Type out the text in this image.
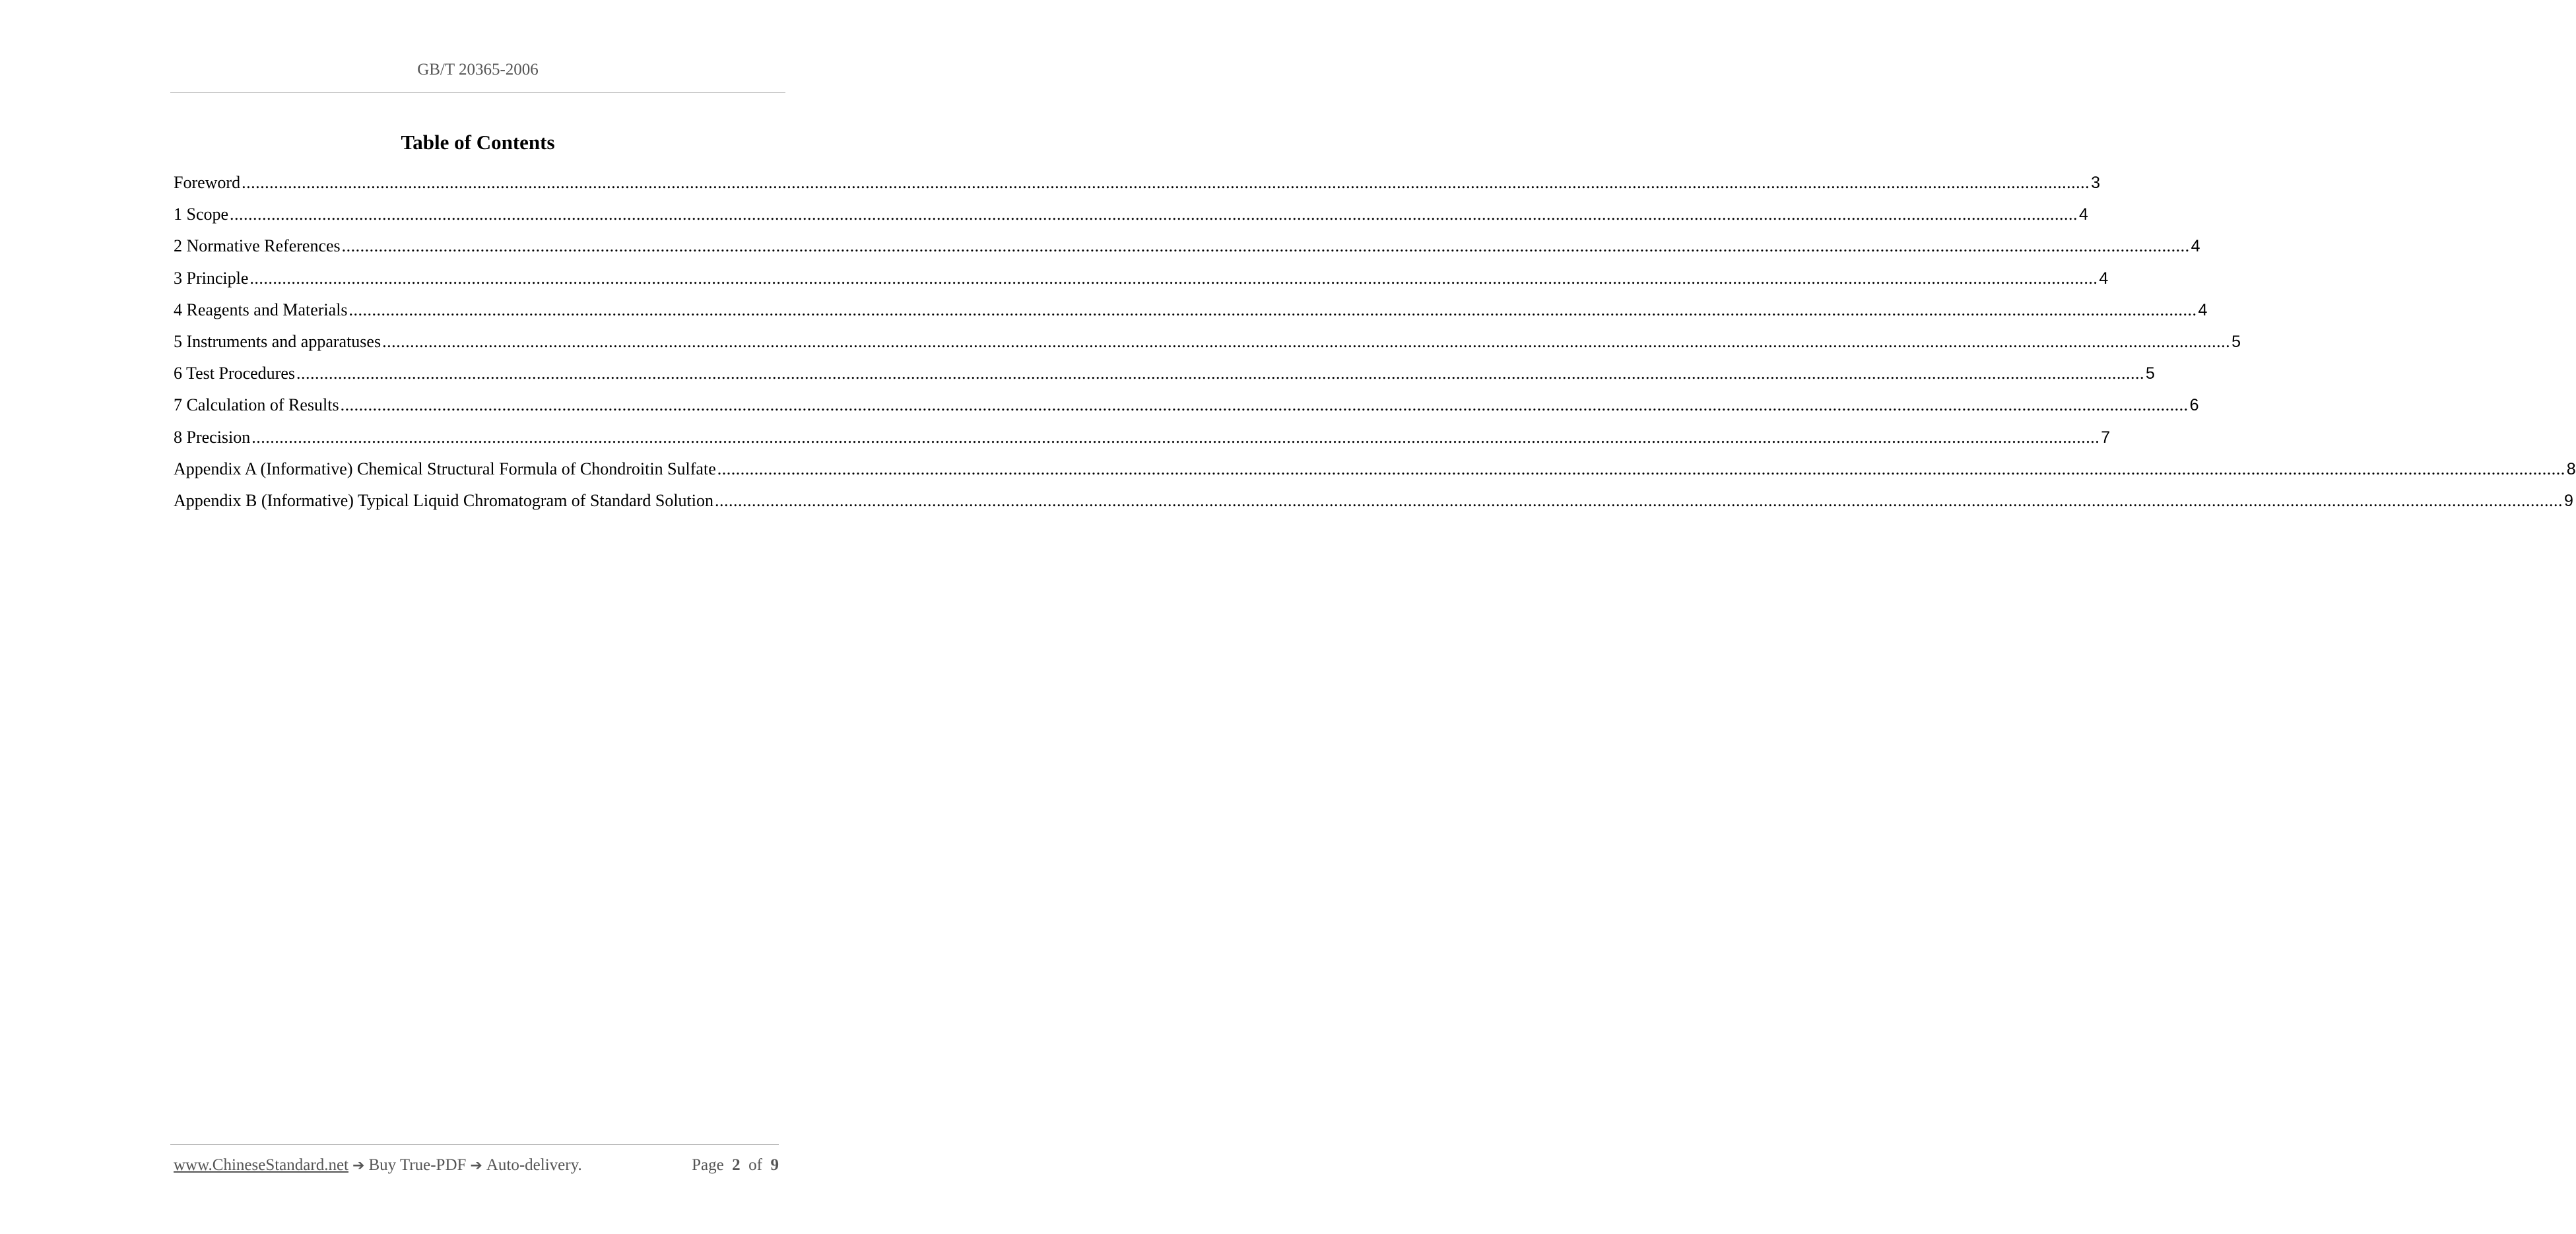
GB/T 20365-2006
Table of Contents
Foreword ................................................................................................................................................................................................................................................................................................................................................................................................................ 3
1 Scope ................................................................................................................................................................................................................................................................................................................................................................................................................ 4
2 Normative References ................................................................................................................................................................................................................................................................................................................................................................................................................ 4
3 Principle ................................................................................................................................................................................................................................................................................................................................................................................................................ 4
4 Reagents and Materials ................................................................................................................................................................................................................................................................................................................................................................................................................ 4
5 Instruments and apparatuses ................................................................................................................................................................................................................................................................................................................................................................................................................ 5
6 Test Procedures ................................................................................................................................................................................................................................................................................................................................................................................................................ 5
7 Calculation of Results ................................................................................................................................................................................................................................................................................................................................................................................................................ 6
8 Precision ................................................................................................................................................................................................................................................................................................................................................................................................................ 7
Appendix A (Informative) Chemical Structural Formula of Chondroitin Sulfate ................................................................................................................................................................................................................................................................................................................................................................................................................ 8
Appendix B (Informative) Typical Liquid Chromatogram of Standard Solution ................................................................................................................................................................................................................................................................................................................................................................................................................ 9
www.ChineseStandard.net ➔ Buy True-PDF ➔ Auto-delivery.	Page 2 of 9
